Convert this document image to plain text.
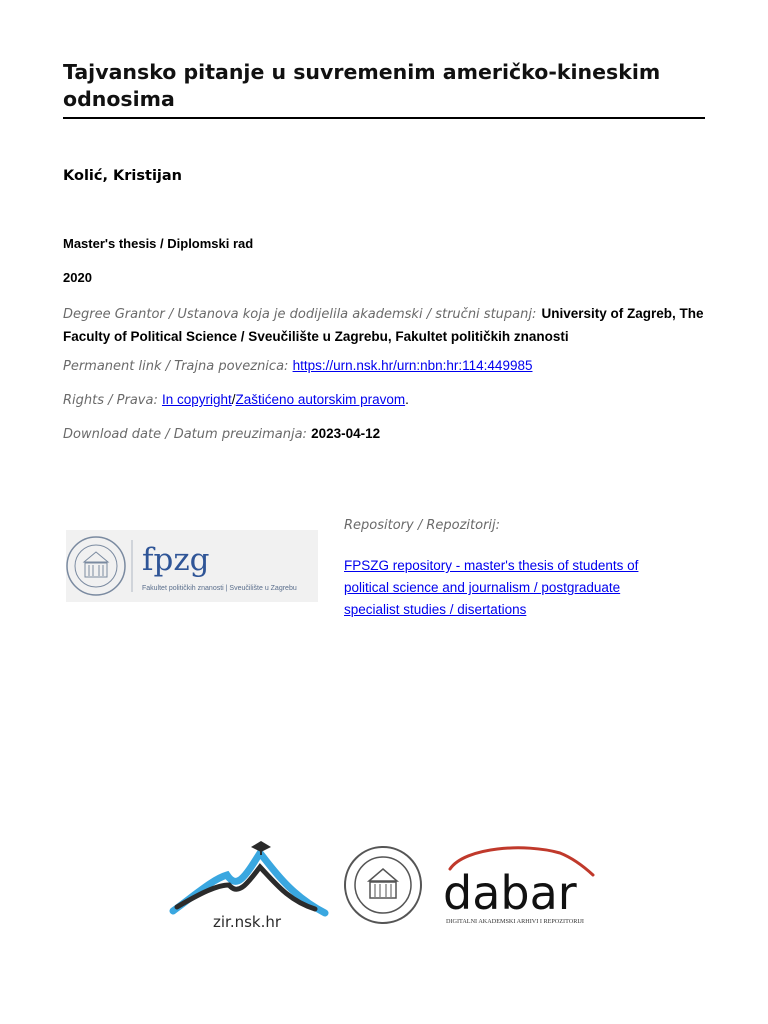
Tajvansko pitanje u suvremenim američko-kineskim odnosima
Kolić, Kristijan
Master's thesis / Diplomski rad
2020
Degree Grantor / Ustanova koja je dodijelila akademski / stručni stupanj: University of Zagreb, The Faculty of Political Science / Sveučilište u Zagrebu, Fakultet političkih znanosti
Permanent link / Trajna poveznica: https://urn.nsk.hr/urn:nbn:hr:114:449985
Rights / Prava: In copyright/Zaštićeno autorskim pravom.
Download date / Datum preuzimanja: 2023-04-12
fpzg
Fakultet političkih znanosti | Sveučilište u Zagrebu
Repository / Repozitorij:
FPSZG repository - master's thesis of students of political science and journalism / postgraduate specialist studies / disertations
zir.nsk.hr
dabar
DIGITALNI AKADEMSKI ARHIVI I REPOZITORIJI
